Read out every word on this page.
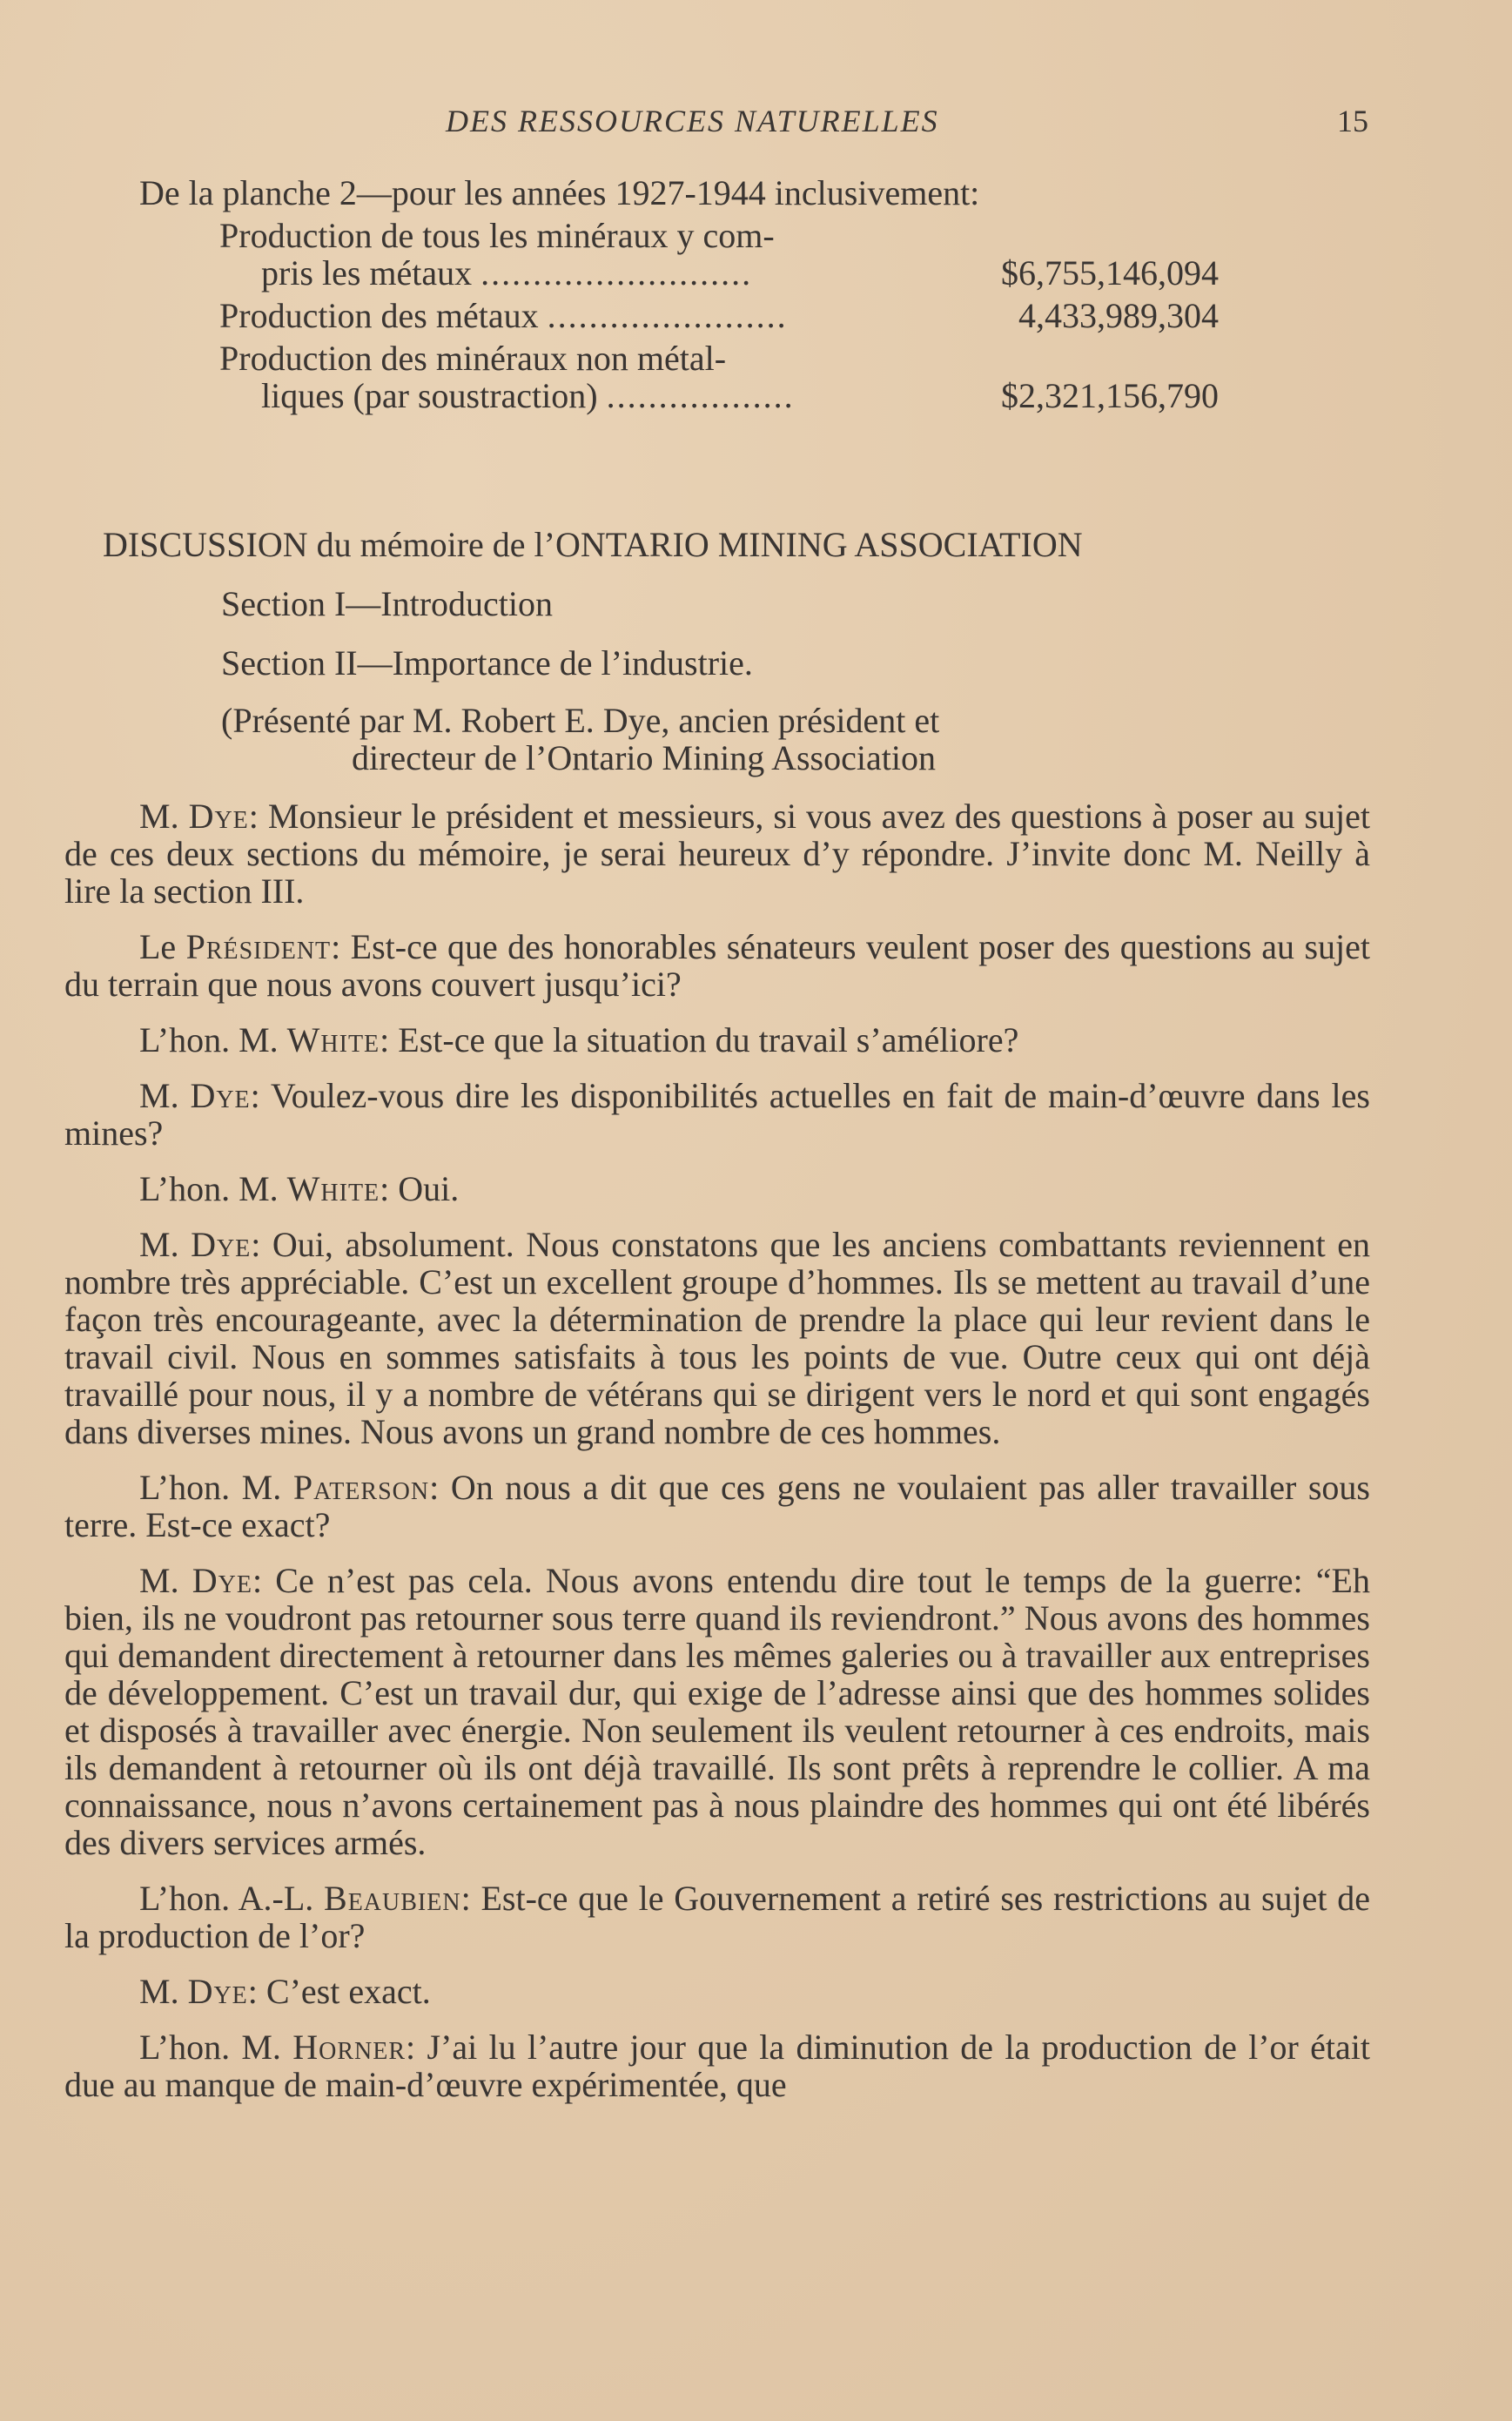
DES RESSOURCES NATURELLES	15
De la planche 2—pour les années 1927-1944 inclusivement:
Production de tous les minéraux y com-
pris les métaux ..........................	$6,755,146,094
Production des métaux .......................	4,433,989,304
Production des minéraux non métal-
liques (par soustraction) ..................	$2,321,156,790
DISCUSSION du mémoire de l’ONTARIO MINING ASSOCIATION
Section I—Introduction
Section II—Importance de l’industrie.
(Présenté par M. Robert E. Dye, ancien président et
directeur de l’Ontario Mining Association

M. Dye: Monsieur le président et messieurs, si vous avez des questions à poser au sujet de ces deux sections du mémoire, je serai heureux d’y répondre. J’invite donc M. Neilly à lire la section III.

Le Président: Est-ce que des honorables sénateurs veulent poser des questions au sujet du terrain que nous avons couvert jusqu’ici?

L’hon. M. White: Est-ce que la situation du travail s’améliore?

M. Dye: Voulez-vous dire les disponibilités actuelles en fait de main-d’œuvre dans les mines?

L’hon. M. White: Oui.

M. Dye: Oui, absolument. Nous constatons que les anciens combattants reviennent en nombre très appréciable. C’est un excellent groupe d’hommes. Ils se mettent au travail d’une façon très encourageante, avec la détermination de prendre la place qui leur revient dans le travail civil. Nous en sommes satisfaits à tous les points de vue. Outre ceux qui ont déjà travaillé pour nous, il y a nombre de vétérans qui se dirigent vers le nord et qui sont engagés dans diverses mines. Nous avons un grand nombre de ces hommes.

L’hon. M. Paterson: On nous a dit que ces gens ne voulaient pas aller travailler sous terre. Est-ce exact?

M. Dye: Ce n’est pas cela. Nous avons entendu dire tout le temps de la guerre: “Eh bien, ils ne voudront pas retourner sous terre quand ils reviendront.” Nous avons des hommes qui demandent directement à retourner dans les mêmes galeries ou à travailler aux entreprises de développement. C’est un travail dur, qui exige de l’adresse ainsi que des hommes solides et disposés à travailler avec énergie. Non seulement ils veulent retourner à ces endroits, mais ils demandent à retourner où ils ont déjà travaillé. Ils sont prêts à reprendre le collier. A ma connaissance, nous n’avons certainement pas à nous plaindre des hommes qui ont été libérés des divers services armés.

L’hon. A.-L. Beaubien: Est-ce que le Gouvernement a retiré ses restrictions au sujet de la production de l’or?

M. Dye: C’est exact.

L’hon. M. Horner: J’ai lu l’autre jour que la diminution de la production de l’or était due au manque de main-d’œuvre expérimentée, que
